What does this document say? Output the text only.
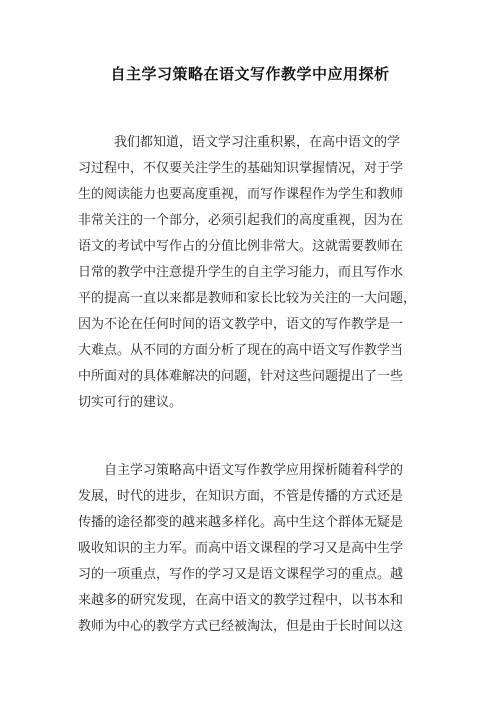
自主学习策略在语文写作教学中应用探析
我们都知道，语文学习注重积累，在高中语文的学
习过程中，不仅要关注学生的基础知识掌握情况，对于学
生的阅读能力也要高度重视，而写作课程作为学生和教师
非常关注的一个部分，必须引起我们的高度重视，因为在
语文的考试中写作占的分值比例非常大。这就需要教师在
日常的教学中注意提升学生的自主学习能力，而且写作水
平的提高一直以来都是教师和家长比较为关注的一大问题，
因为不论在任何时间的语文教学中，语文的写作教学是一
大难点。从不同的方面分析了现在的高中语文写作教学当
中所面对的具体难解决的问题，针对这些问题提出了一些
切实可行的建议。
自主学习策略高中语文写作教学应用探析随着科学的
发展，时代的进步，在知识方面，不管是传播的方式还是
传播的途径都变的越来越多样化。高中生这个群体无疑是
吸收知识的主力军。而高中语文课程的学习又是高中生学
习的一项重点，写作的学习又是语文课程学习的重点。越
来越多的研究发现，在高中语文的教学过程中，以书本和
教师为中心的教学方式已经被淘汰，但是由于长时间以这
